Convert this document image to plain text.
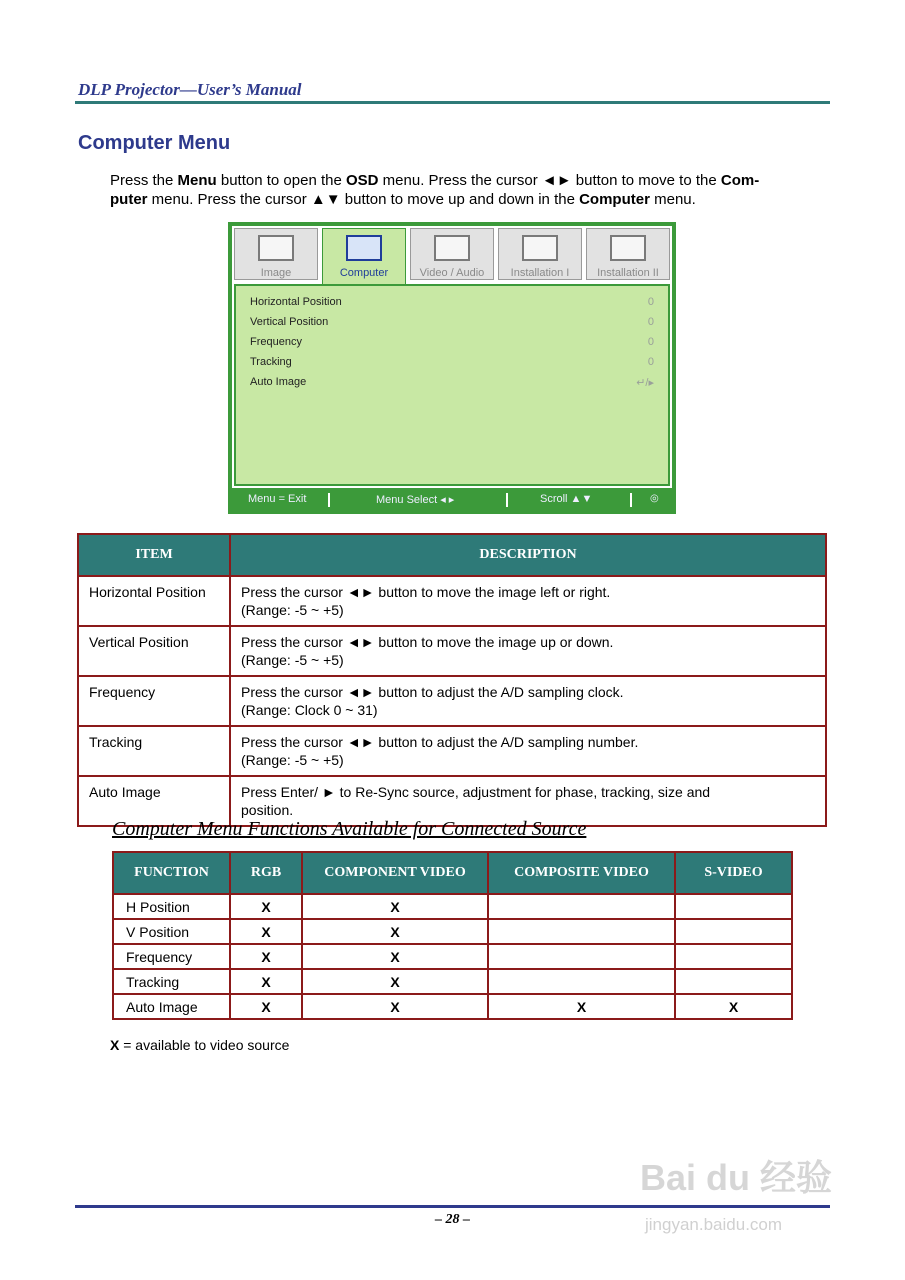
DLP Projector—User’s Manual
Computer Menu
Press the Menu button to open the OSD menu. Press the cursor ◄► button to move to the Com-
puter menu. Press the cursor ▲▼ button to move up and down in the Computer menu.
Image	Computer	Video / Audio	Installation I	Installation II
Horizontal Position	0
Vertical Position	0
Frequency	0
Tracking	0
Auto Image	↵/▸
Menu = Exit	Menu Select ◂ ▸	Scroll ▲▼	◎
ITEM	DESCRIPTION
Horizontal Position	Press the cursor ◄► button to move the image left or right.
(Range: -5 ~ +5)
Vertical Position	Press the cursor ◄► button to move the image up or down.
(Range: -5 ~ +5)
Frequency	Press the cursor ◄► button to adjust the A/D sampling clock.
(Range: Clock 0 ~ 31)
Tracking	Press the cursor ◄► button to adjust the A/D sampling number.
(Range: -5 ~ +5)
Auto Image	Press Enter/ ► to Re-Sync source, adjustment for phase, tracking, size and
position.
Computer Menu Functions Available for Connected Source
FUNCTION	RGB	COMPONENT VIDEO	COMPOSITE VIDEO	S-VIDEO
H Position	X	X		
V Position	X	X		
Frequency	X	X		
Tracking	X	X		
Auto Image	X	X	X	X
X = available to video source
Bai du 经验
jingyan.baidu.com
– 28 –
